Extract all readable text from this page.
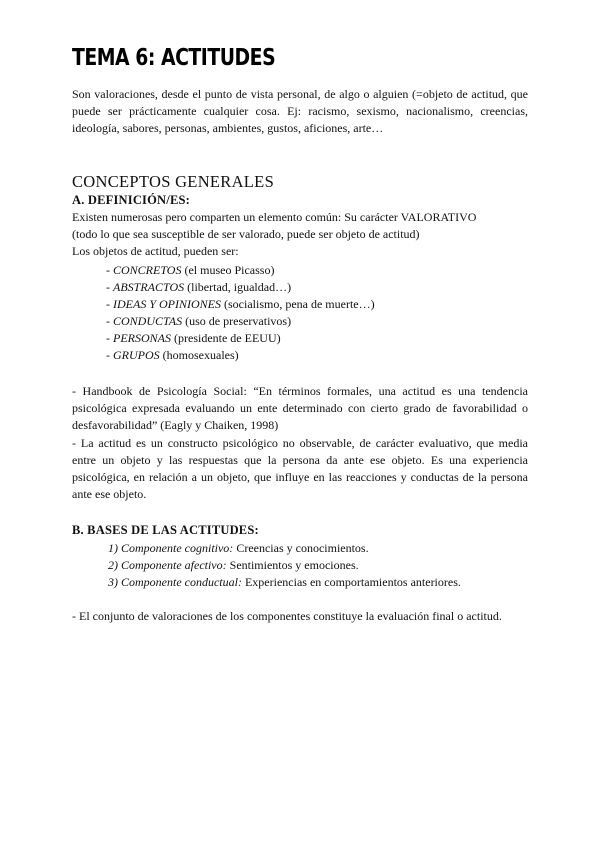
TEMA 6: ACTITUDES

Son valoraciones, desde el punto de vista personal, de algo o alguien (=objeto de actitud, que puede ser prácticamente cualquier cosa. Ej: racismo, sexismo, nacionalismo, creencias, ideología, sabores, personas, ambientes, gustos, aficiones, arte…

CONCEPTOS GENERALES
A. DEFINICIÓN/ES:

Existen numerosas pero comparten un elemento común: Su carácter VALORATIVO

(todo lo que sea susceptible de ser valorado, puede ser objeto de actitud)

Los objetos de actitud, pueden ser:

- CONCRETOS (el museo Picasso)
- ABSTRACTOS (libertad, igualdad…)
- IDEAS Y OPINIONES (socialismo, pena de muerte…)
- CONDUCTAS (uso de preservativos)
- PERSONAS (presidente de EEUU)
- GRUPOS (homosexuales)

- Handbook de Psicología Social: “En términos formales, una actitud es una tendencia psicológica expresada evaluando un ente determinado con cierto grado de favorabilidad o desfavorabilidad” (Eagly y Chaiken, 1998)

- La actitud es un constructo psicológico no observable, de carácter evaluativo, que media entre un objeto y las respuestas que la persona da ante ese objeto. Es una experiencia psicológica, en relación a un objeto, que influye en las reacciones y conductas de la persona ante ese objeto.

B. BASES DE LAS ACTITUDES:
1) Componente cognitivo: Creencias y conocimientos.
2) Componente afectivo: Sentimientos y emociones.
3) Componente conductual: Experiencias en comportamientos anteriores.

- El conjunto de valoraciones de los componentes constituye la evaluación final o actitud.
